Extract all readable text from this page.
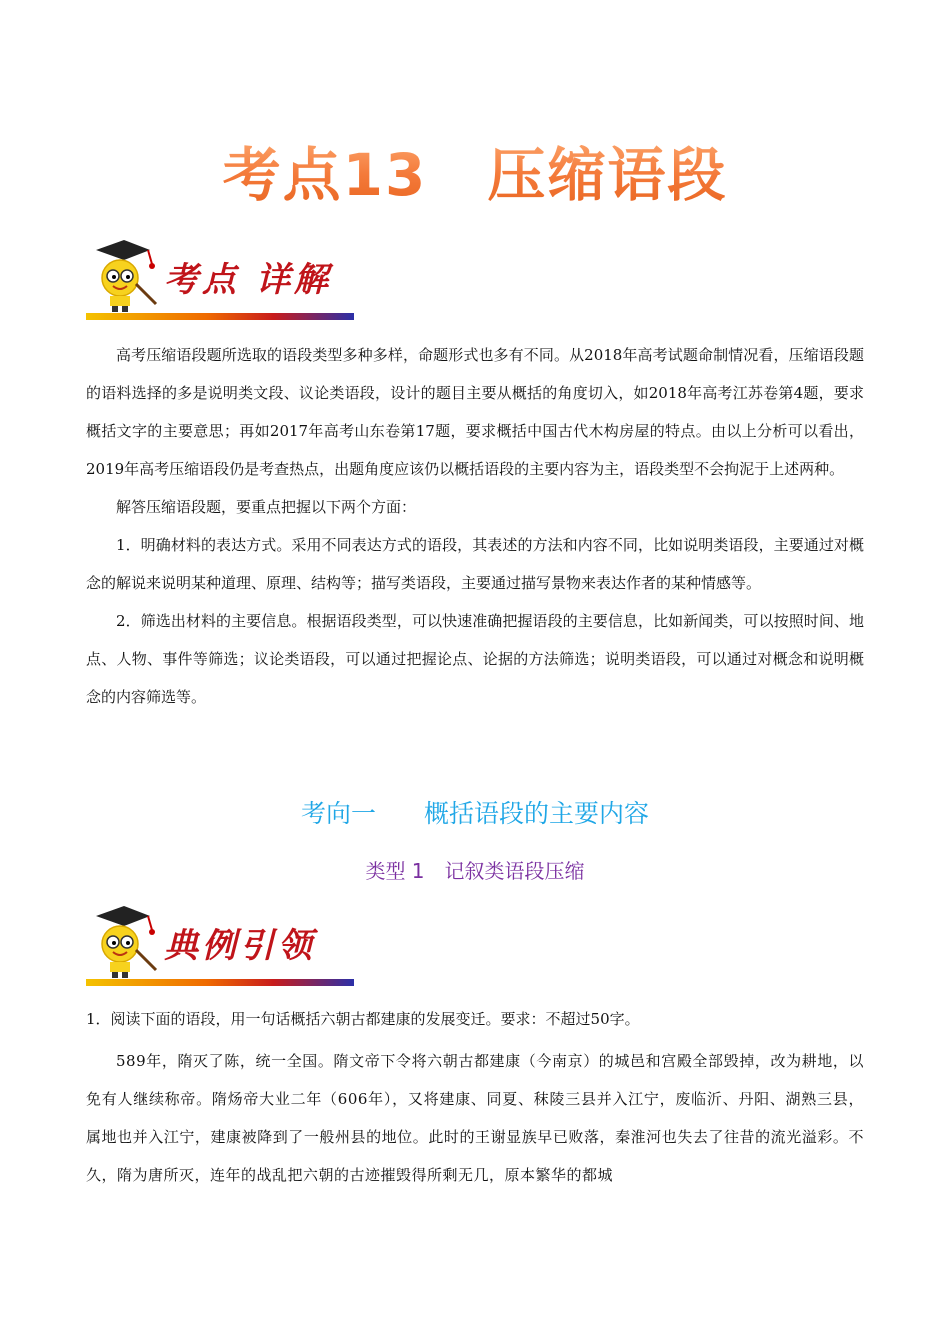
考点13 压缩语段
考点 详解

高考压缩语段题所选取的语段类型多种多样，命题形式也多有不同。从2018年高考试题命制情况看，压缩语段题的语料选择的多是说明类文段、议论类语段，设计的题目主要从概括的角度切入，如2018年高考江苏卷第4题，要求概括文字的主要意思；再如2017年高考山东卷第17题，要求概括中国古代木构房屋的特点。由以上分析可以看出，2019年高考压缩语段仍是考查热点，出题角度应该仍以概括语段的主要内容为主，语段类型不会拘泥于上述两种。

解答压缩语段题，要重点把握以下两个方面：

1．明确材料的表达方式。采用不同表达方式的语段，其表述的方法和内容不同，比如说明类语段，主要通过对概念的解说来说明某种道理、原理、结构等；描写类语段，主要通过描写景物来表达作者的某种情感等。

2．筛选出材料的主要信息。根据语段类型，可以快速准确把握语段的主要信息，比如新闻类，可以按照时间、地点、人物、事件等筛选；议论类语段，可以通过把握论点、论据的方法筛选；说明类语段，可以通过对概念和说明概念的内容筛选等。

考向一 概括语段的主要内容
类型 1 记叙类语段压缩
典例引领
1．阅读下面的语段，用一句话概括六朝古都建康的发展变迁。要求：不超过50字。

589年，隋灭了陈，统一全国。隋文帝下令将六朝古都建康（今南京）的城邑和宫殿全部毁掉，改为耕地，以免有人继续称帝。隋炀帝大业二年（606年），又将建康、同夏、秣陵三县并入江宁，废临沂、丹阳、湖熟三县，属地也并入江宁，建康被降到了一般州县的地位。此时的王谢显族早已败落，秦淮河也失去了往昔的流光溢彩。不久，隋为唐所灭，连年的战乱把六朝的古迹摧毁得所剩无几，原本繁华的都城
